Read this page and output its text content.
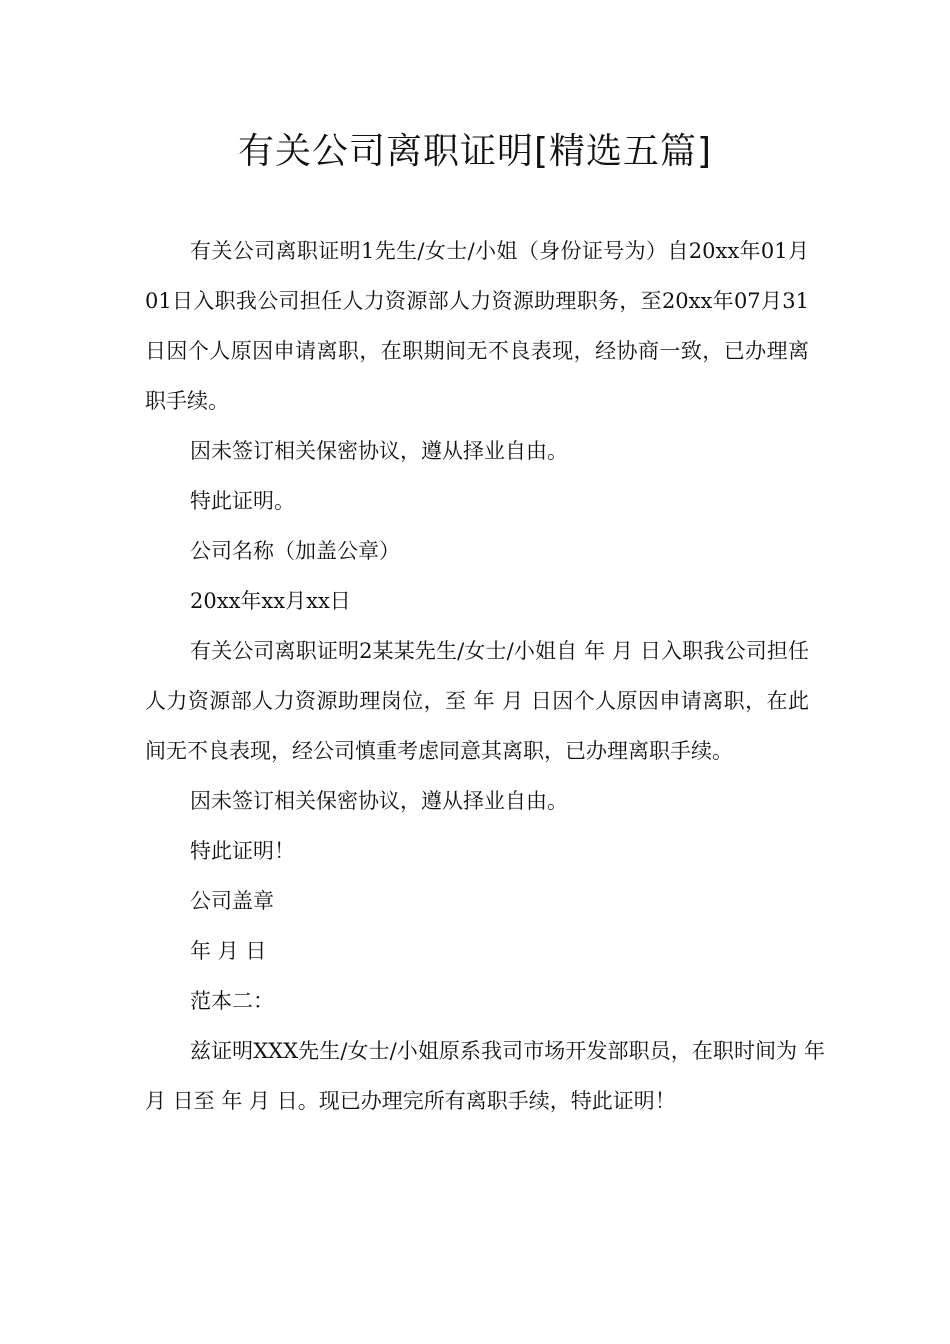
有关公司离职证明[精选五篇]

有关公司离职证明1先生/女士/小姐（身份证号为）自20xx年01月01日入职我公司担任人力资源部人力资源助理职务，至20xx年07月31日因个人原因申请离职，在职期间无不良表现，经协商一致，已办理离职手续。

因未签订相关保密协议，遵从择业自由。

特此证明。

公司名称（加盖公章）

20xx年xx月xx日

有关公司离职证明2某某先生/女士/小姐自 年 月 日入职我公司担任人力资源部人力资源助理岗位，至 年 月 日因个人原因申请离职，在此间无不良表现，经公司慎重考虑同意其离职，已办理离职手续。

因未签订相关保密协议，遵从择业自由。

特此证明！

公司盖章

年 月 日

范本二：

兹证明XXX先生/女士/小姐原系我司市场开发部职员，在职时间为 年 月 日至 年 月 日。现已办理完所有离职手续，特此证明！
